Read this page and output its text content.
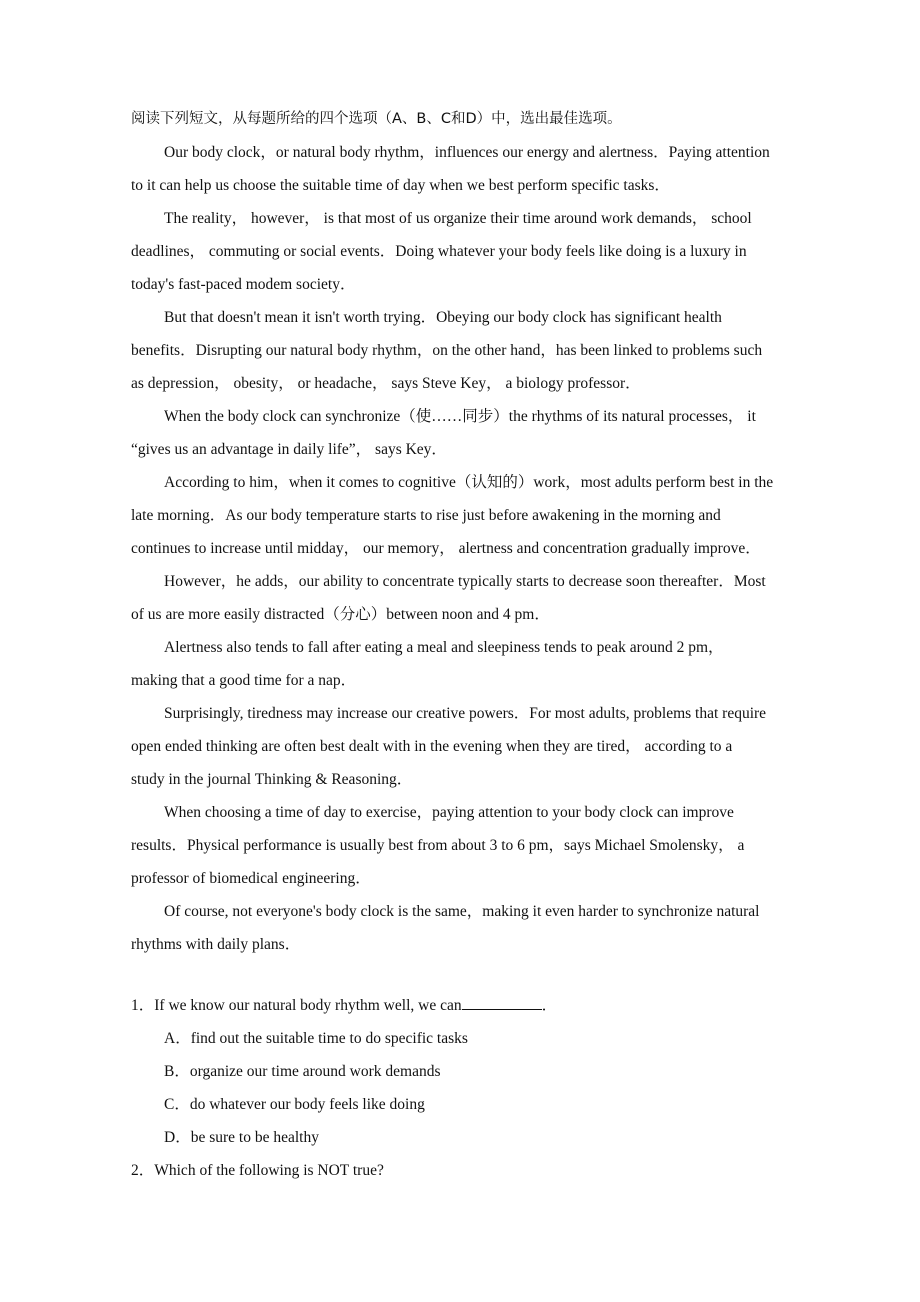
阅读下列短文，从每题所给的四个选项（A、B、C和D）中，选出最佳选项。
Our body clock，or natural body rhythm，influences our energy and alertness．Paying attention
to it can help us choose the suitable time of day when we best perform specific tasks．
The reality， however， is that most of us organize their time around work demands， school
deadlines， commuting or social events．Doing whatever your body feels like doing is a luxury in
today's fast-paced modem society．
But that doesn't mean it isn't worth trying．Obeying our body clock has significant health
benefits．Disrupting our natural body rhythm，on the other hand，has been linked to problems such
as depression， obesity， or headache， says Steve Key， a biology professor．
When the body clock can synchronize（使……同步）the rhythms of its natural processes， it
“gives us an advantage in daily life”， says Key．
According to him，when it comes to cognitive（认知的）work，most adults perform best in the
late morning．As our body temperature starts to rise just before awakening in the morning and
continues to increase until midday， our memory， alertness and concentration gradually improve．
However，he adds，our ability to concentrate typically starts to decrease soon thereafter．Most
of us are more easily distracted（分心）between noon and 4 pm．
Alertness also tends to fall after eating a meal and sleepiness tends to peak around 2 pm，
making that a good time for a nap．
Surprisingly, tiredness may increase our creative powers．For most adults, problems that require
open ended thinking are often best dealt with in the evening when they are tired， according to a
study in the journal Thinking & Reasoning．
When choosing a time of day to exercise，paying attention to your body clock can improve
results．Physical performance is usually best from about 3 to 6 pm，says Michael Smolensky， a
professor of biomedical engineering．
Of course, not everyone's body clock is the same，making it even harder to synchronize natural
rhythms with daily plans．
1．If we know our natural body rhythm well, we can	．
A．find out the suitable time to do specific tasks
B．organize our time around work demands
C．do whatever our body feels like doing
D．be sure to be healthy
2．Which of the following is NOT true?
